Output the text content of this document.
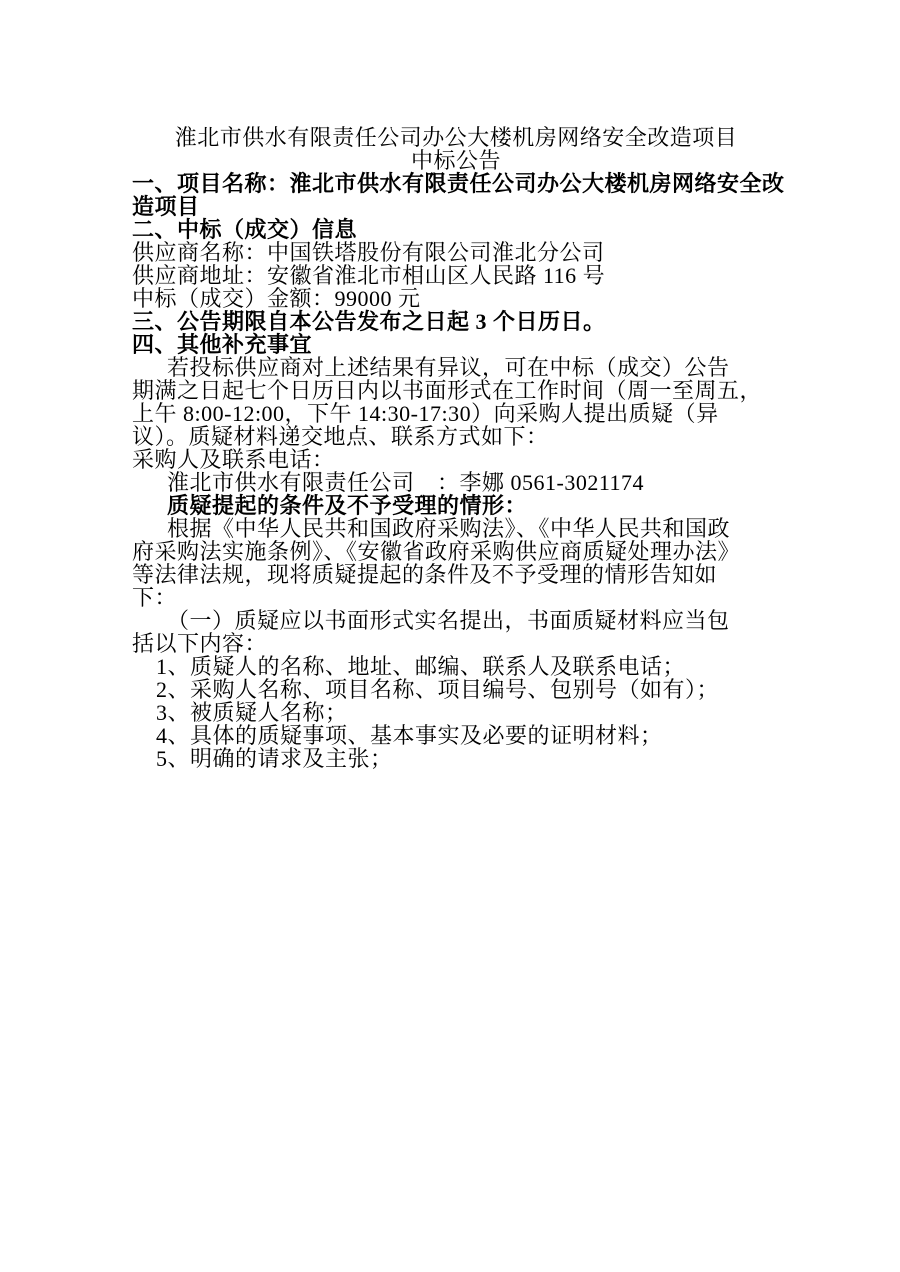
淮北市供水有限责任公司办公大楼机房网络安全改造项目

中标公告

一、项目名称：淮北市供水有限责任公司办公大楼机房网络安全改

造项目

二、中标（成交）信息

供应商名称：中国铁塔股份有限公司淮北分公司

供应商地址：安徽省淮北市相山区人民路 116 号

中标（成交）金额：99000 元

三、公告期限自本公告发布之日起 3 个日历日。

四、其他补充事宜

若投标供应商对上述结果有异议，可在中标（成交）公告

期满之日起七个日历日内以书面形式在工作时间（周一至周五，

上午 8:00-12:00，下午 14:30-17:30）向采购人提出质疑（异

议）。质疑材料递交地点、联系方式如下：

采购人及联系电话：

淮北市供水有限责任公司　：李娜 0561-3021174

质疑提起的条件及不予受理的情形：

根据《中华人民共和国政府采购法》、《中华人民共和国政

府采购法实施条例》、《安徽省政府采购供应商质疑处理办法》

等法律法规，现将质疑提起的条件及不予受理的情形告知如

下：

（一）质疑应以书面形式实名提出，书面质疑材料应当包

括以下内容：

1、质疑人的名称、地址、邮编、联系人及联系电话；

2、采购人名称、项目名称、项目编号、包别号（如有）；

3、被质疑人名称；

4、具体的质疑事项、基本事实及必要的证明材料；

5、明确的请求及主张；
